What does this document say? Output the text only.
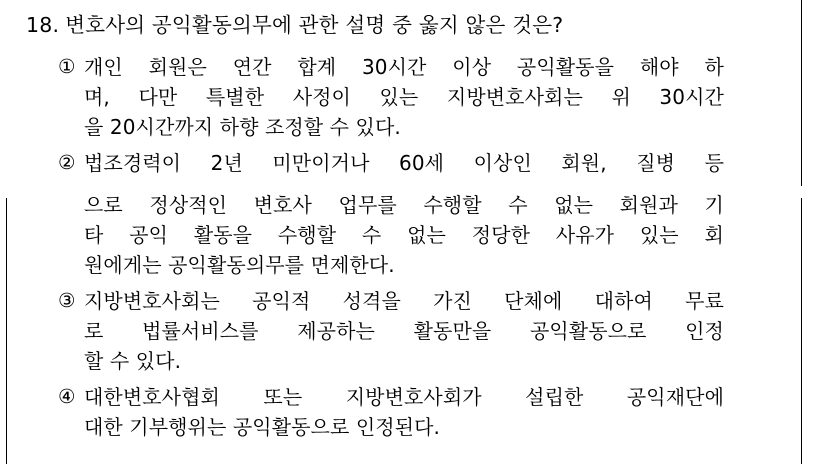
18. 변호사의 공익활동의무에 관한 설명 중 옳지 않은 것은?
① 개인 회원은 연간 합계 30시간 이상 공익활동을 해야 하
며, 다만 특별한 사정이 있는 지방변호사회는 위 30시간
을 20시간까지 하향 조정할 수 있다.
② 법조경력이 2년 미만이거나 60세 이상인 회원, 질병 등
으로 정상적인 변호사 업무를 수행할 수 없는 회원과 기
타 공익 활동을 수행할 수 없는 정당한 사유가 있는 회
원에게는 공익활동의무를 면제한다.
③ 지방변호사회는 공익적 성격을 가진 단체에 대하여 무료
로 법률서비스를 제공하는 활동만을 공익활동으로 인정
할 수 있다.
④ 대한변호사협회 또는 지방변호사회가 설립한 공익재단에
대한 기부행위는 공익활동으로 인정된다.
